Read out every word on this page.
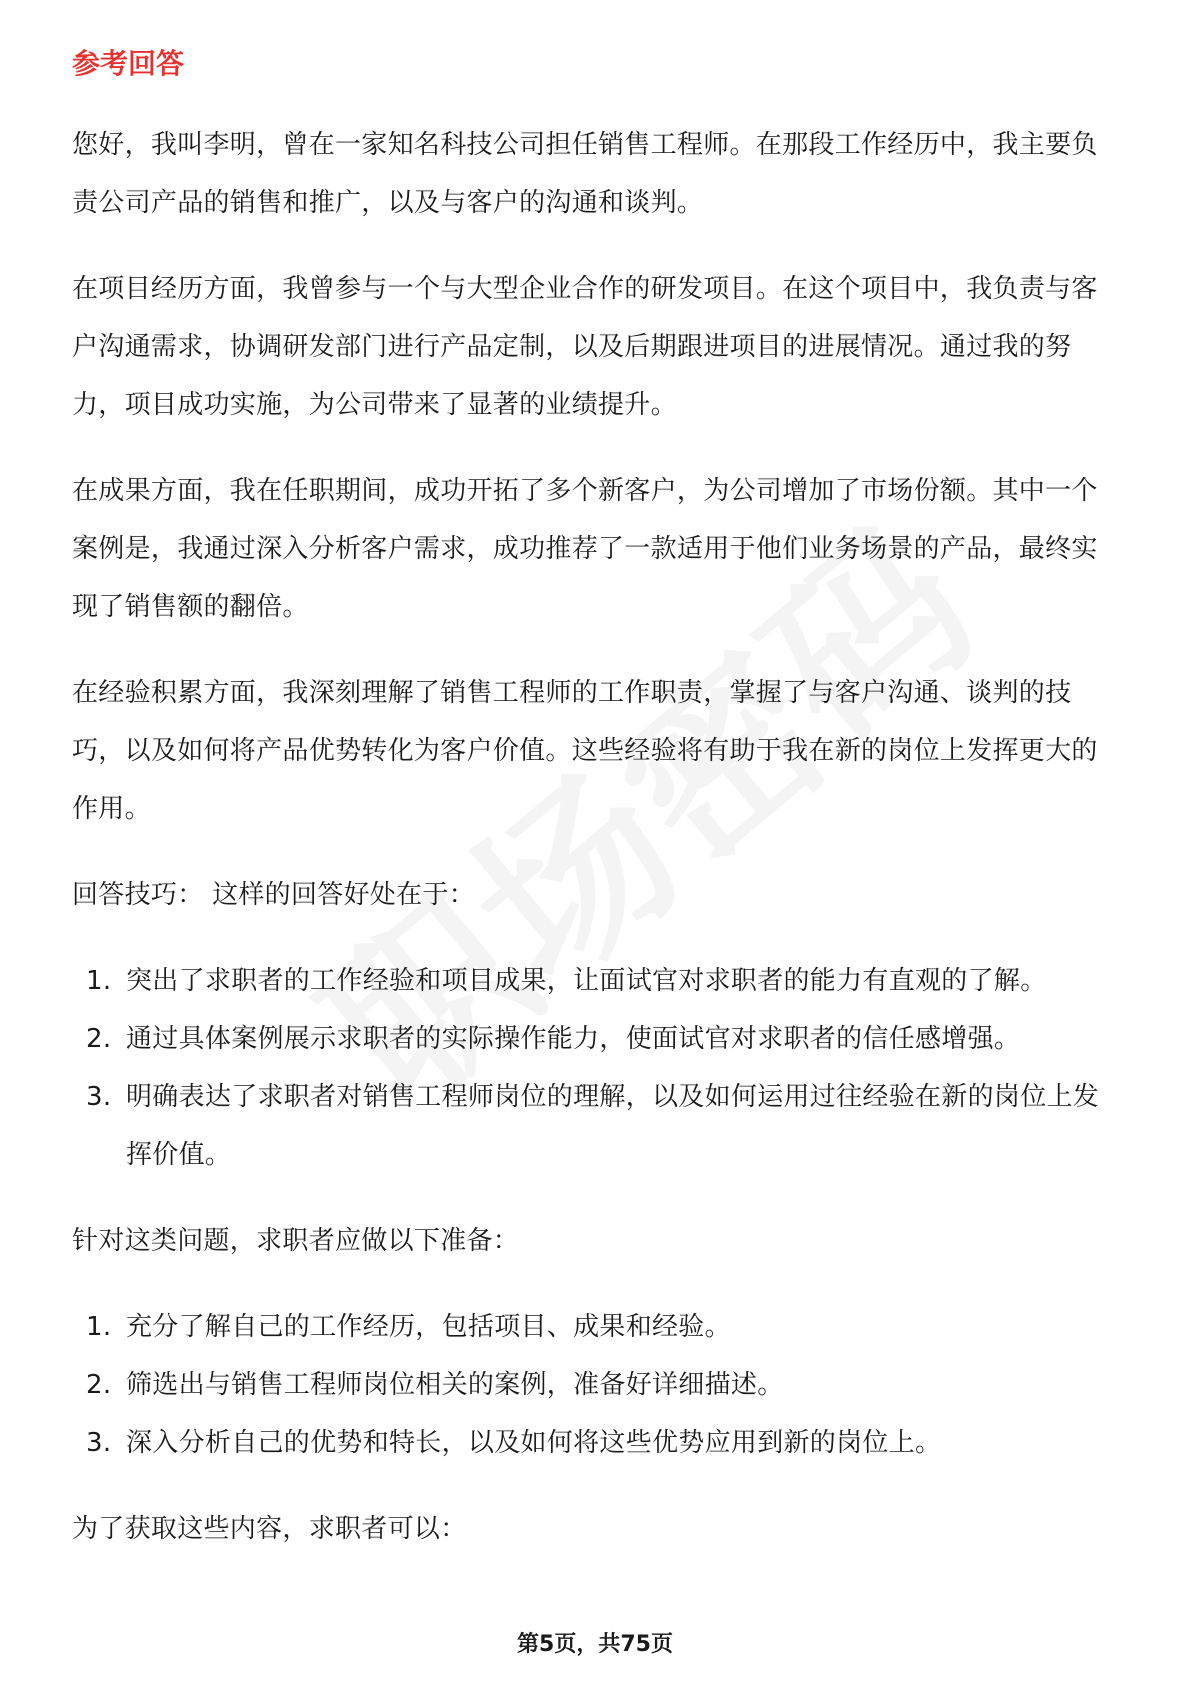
参考回答

您好，我叫李明，曾在一家知名科技公司担任销售工程师。在那段工作经历中，我主要负责公司产品的销售和推广，以及与客户的沟通和谈判。

在项目经历方面，我曾参与一个与大型企业合作的研发项目。在这个项目中，我负责与客户沟通需求，协调研发部门进行产品定制，以及后期跟进项目的进展情况。通过我的努力，项目成功实施，为公司带来了显著的业绩提升。

在成果方面，我在任职期间，成功开拓了多个新客户，为公司增加了市场份额。其中一个案例是，我通过深入分析客户需求，成功推荐了一款适用于他们业务场景的产品，最终实现了销售额的翻倍。

在经验积累方面，我深刻理解了销售工程师的工作职责，掌握了与客户沟通、谈判的技巧，以及如何将产品优势转化为客户价值。这些经验将有助于我在新的岗位上发挥更大的作用。

回答技巧： 这样的回答好处在于：

1. 突出了求职者的工作经验和项目成果，让面试官对求职者的能力有直观的了解。
2. 通过具体案例展示求职者的实际操作能力，使面试官对求职者的信任感增强。
3. 明确表达了求职者对销售工程师岗位的理解，以及如何运用过往经验在新的岗位上发挥价值。

针对这类问题，求职者应做以下准备：

1. 充分了解自己的工作经历，包括项目、成果和经验。
2. 筛选出与销售工程师岗位相关的案例，准备好详细描述。
3. 深入分析自己的优势和特长，以及如何将这些优势应用到新的岗位上。

为了获取这些内容，求职者可以：

第5页，共75页
